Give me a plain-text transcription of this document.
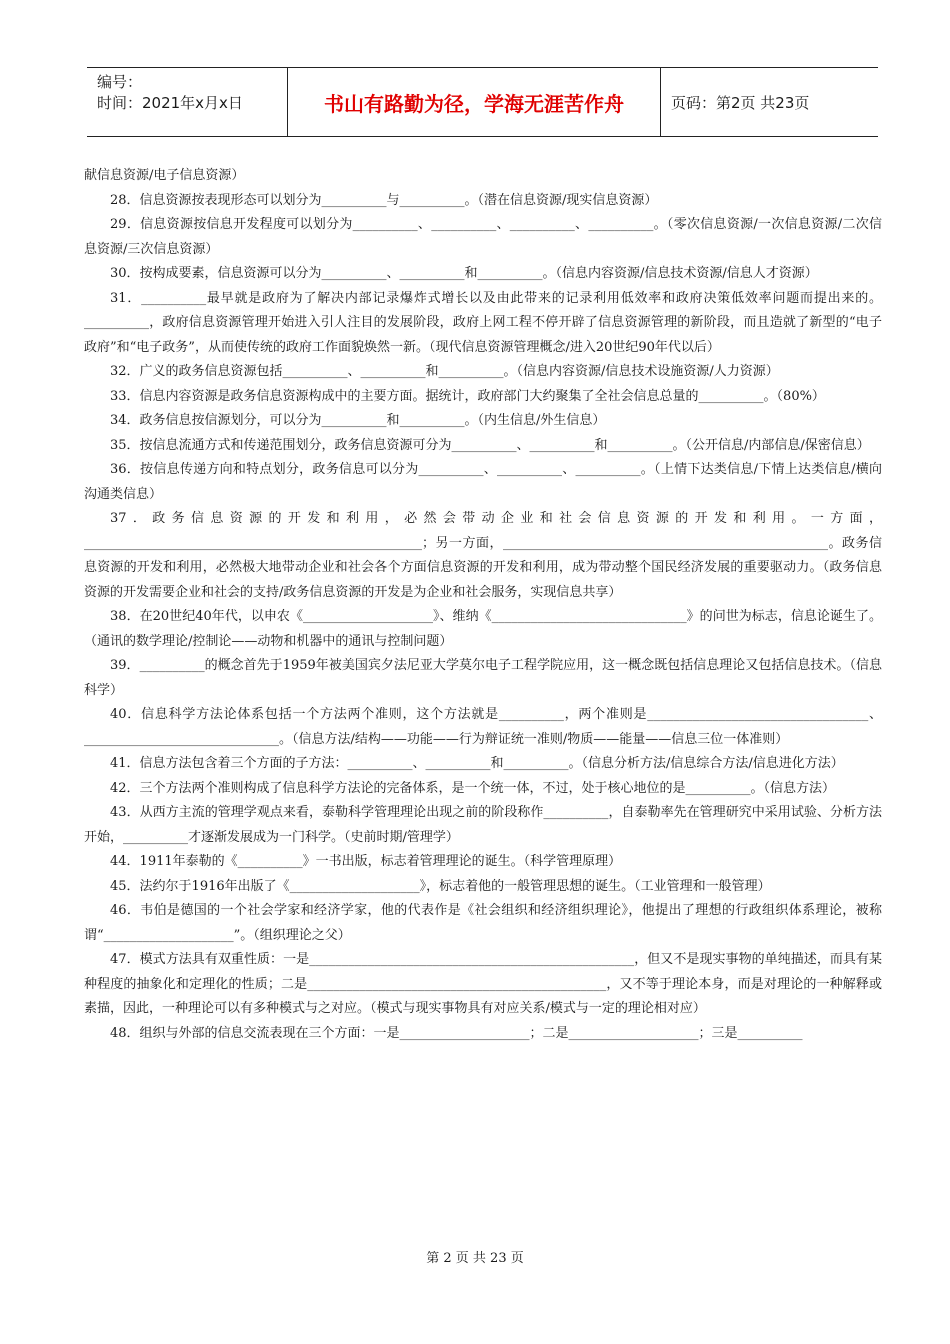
编号：
时间：2021年x月x日	书山有路勤为径，学海无涯苦作舟	页码：第2页 共23页

献信息资源/电子信息资源）

28．信息资源按表现形态可以划分为__________与__________。（潜在信息资源/现实信息资源）

29．信息资源按信息开发程度可以划分为__________、__________、__________、__________。（零次信息资源/一次信息资源/二次信息资源/三次信息资源）

30．按构成要素，信息资源可以分为__________、__________和__________。（信息内容资源/信息技术资源/信息人才资源）

31．__________最早就是政府为了解决内部记录爆炸式增长以及由此带来的记录利用低效率和政府决策低效率问题而提出来的。__________，政府信息资源管理开始进入引人注目的发展阶段，政府上网工程不停开辟了信息资源管理的新阶段，而且造就了新型的“电子政府”和“电子政务”，从而使传统的政府工作面貌焕然一新。（现代信息资源管理概念/进入20世纪90年代以后）

32．广义的政务信息资源包括__________、__________和__________。（信息内容资源/信息技术设施资源/人力资源）

33．信息内容资源是政务信息资源构成中的主要方面。据统计，政府部门大约聚集了全社会信息总量的__________。（80%）

34．政务信息按信源划分，可以分为__________和__________。（内生信息/外生信息）

35．按信息流通方式和传递范围划分，政务信息资源可分为__________、__________和__________。（公开信息/内部信息/保密信息）

36．按信息传递方向和特点划分，政务信息可以分为__________、__________、__________。（上情下达类信息/下情上达类信息/横向沟通类信息）

37．政务信息资源的开发和利用，必然会带动企业和社会信息资源的开发和利用。一方面，____________________________________________________；另一方面，__________________________________________________。政务信息资源的开发和利用，必然极大地带动企业和社会各个方面信息资源的开发和利用，成为带动整个国民经济发展的重要驱动力。（政务信息资源的开发需要企业和社会的支持/政务信息资源的开发是为企业和社会服务，实现信息共享）

38．在20世纪40年代，以申农《____________________》、维纳《______________________________》的问世为标志，信息论诞生了。（通讯的数学理论/控制论——动物和机器中的通讯与控制问题）

39．__________的概念首先于1959年被美国宾夕法尼亚大学莫尔电子工程学院应用，这一概念既包括信息理论又包括信息技术。（信息科学）

40．信息科学方法论体系包括一个方法两个准则，这个方法就是__________，两个准则是__________________________________、______________________________。（信息方法/结构——功能——行为辩证统一准则/物质——能量——信息三位一体准则）

41．信息方法包含着三个方面的子方法：__________、__________和__________。（信息分析方法/信息综合方法/信息进化方法）

42．三个方法两个准则构成了信息科学方法论的完备体系，是一个统一体，不过，处于核心地位的是__________。（信息方法）

43．从西方主流的管理学观点来看，泰勒科学管理理论出现之前的阶段称作__________，自泰勒率先在管理研究中采用试验、分析方法开始，__________才逐渐发展成为一门科学。（史前时期/管理学）

44．1911年泰勒的《__________》一书出版，标志着管理理论的诞生。（科学管理原理）

45．法约尔于1916年出版了《____________________》，标志着他的一般管理思想的诞生。（工业管理和一般管理）

46．韦伯是德国的一个社会学家和经济学家，他的代表作是《社会组织和经济组织理论》，他提出了理想的行政组织体系理论，被称谓“____________________”。（组织理论之父）

47．模式方法具有双重性质：一是__________________________________________________，但又不是现实事物的单纯描述，而具有某种程度的抽象化和定理化的性质；二是______________________________________________，又不等于理论本身，而是对理论的一种解释或素描，因此，一种理论可以有多种模式与之对应。（模式与现实事物具有对应关系/模式与一定的理论相对应）

48．组织与外部的信息交流表现在三个方面：一是____________________；二是____________________；三是__________

第 2 页 共 23 页
